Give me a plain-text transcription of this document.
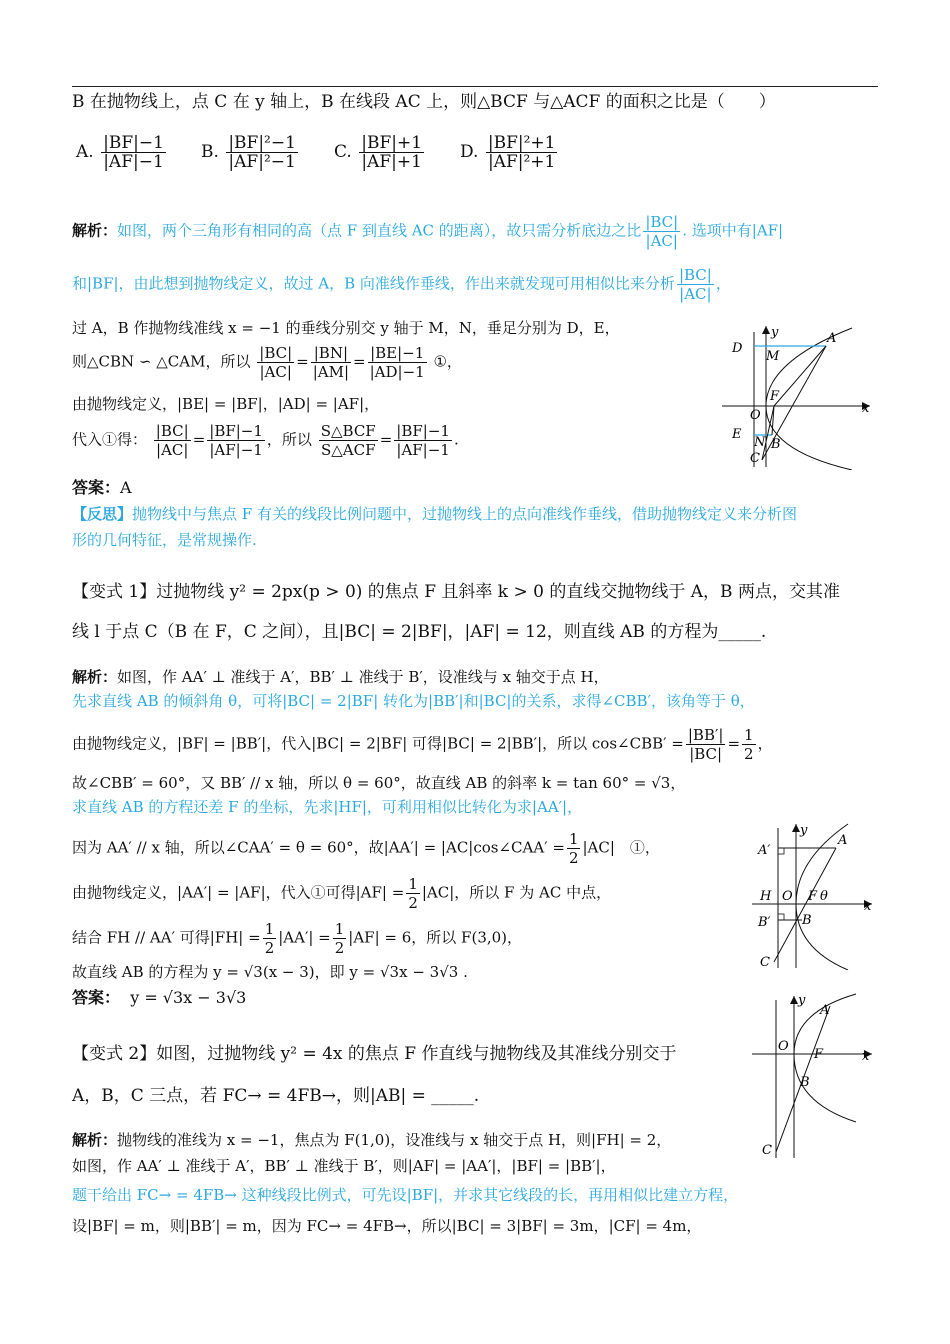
B 在抛物线上，点 C 在 y 轴上，B 在线段 AC 上，则△BCF 与△ACF 的面积之比是（　　）
A. $\frac{|BF|-1}{|AF|-1} B$. $\frac{\text{|BF|²−1}}{\text{|AF|²−1}} C$. $\frac{|BF|+1}{|AF|+1} D$. $\frac{\text{|BF|²+1}}{\text{|AF|²+1}}$
解析：如图，两个三角形有相同的高（点 F 到直线 AC 的距离），故只需分析底边之比 $\frac{|BC|}{|AC|}$ . 选项中有|AF|
和|BF|，由此想到抛物线定义，故过 A，B 向准线作垂线，作出来就发现可用相似比来分析 $\frac{|BC|}{|AC|}$ ，
过 A，B 作抛物线准线 x = −1 的垂线分别交 y 轴于 M，N，垂足分别为 D，E，
则△CBN ∽ △CAM，所以 $\frac{|BC|}{|AC|} = \frac{|BN|}{|AM|} = \frac{|BE|-1}{|AD|-1}$ ①，
由抛物线定义，|BE| = |BF|，|AD| = |AF|，
代入①得： $\frac{|BC|}{|AC|} = \frac{|BF|-1}{|AF|-1}$ ，所以 $\frac{\text{S△BCF}}{\text{S△ACF}} = \frac{|BF|-1}{|AF|-1}$ .
答案：A
【反思】抛物线中与焦点 F 有关的线段比例问题中，过抛物线上的点向准线作垂线，借助抛物线定义来分析图
形的几何特征，是常规操作.
A
D
M
F
O
E
N B
C
x
y
【变式 1】过抛物线 y² = 2px(p > 0) 的焦点 F 且斜率 k > 0 的直线交抛物线于 A，B 两点，交其准
线 l 于点 C（B 在 F，C 之间），且|BC| = 2|BF|，|AF| = 12，则直线 AB 的方程为_____.
解析：如图，作 AA′ ⊥ 准线于 A′，BB′ ⊥ 准线于 B′，设准线与 x 轴交于点 H，
先求直线 AB 的倾斜角 θ，可将|BC| = 2|BF| 转化为|BB′|和|BC|的关系，求得∠CBB′，该角等于 θ，
由抛物线定义，|BF| = |BB′|，代入|BC| = 2|BF| 可得|BC| = 2|BB′|，所以 cos∠CBB′ = $\frac{|BB'|}{|BC|} = \frac{1}{2}$ ，
故∠CBB′ = 60°，又 BB′ // x 轴，所以 θ = 60°，故直线 AB 的斜率 k = tan 60° = √3，
求直线 AB 的方程还差 F 的坐标，先求|HF|，可利用相似比转化为求|AA′|，
因为 AA′ // x 轴，所以∠CAA′ = θ = 60°，故|AA′| = |AC|cos∠CAA′ = $\frac{1}{2} |AC|$　①，
由抛物线定义，|AA′| = |AF|，代入①可得$|AF| = \frac{1}{2} |AC|$，所以 F 为 AC 中点，
结合 FH // AA′ 可得$|FH| = \frac{1}{2} |AA'| = \frac{1}{2} |AF| = 6$，所以 F(3,0)，
故直线 AB 的方程为 y = √3(x − 3)，即 y = √3x − 3√3 .
答案： y = √3x − 3√3
A
A′
H O F θ
B′ B
C
x
y
【变式 2】如图，过抛物线 y² = 4x 的焦点 F 作直线与抛物线及其准线分别交于
A，B，C 三点，若 FC→ = 4FB→，则|AB| = _____.
解析：抛物线的准线为 x = −1，焦点为 F(1,0)，设准线与 x 轴交于点 H，则|FH| = 2，
如图，作 AA′ ⊥ 准线于 A′，BB′ ⊥ 准线于 B′，则|AF| = |AA′|，|BF| = |BB′|，
题干给出 FC→ = 4FB→ 这种线段比例式，可先设|BF|，并求其它线段的长，再用相似比建立方程，
设|BF| = m，则|BB′| = m，因为 FC→ = 4FB→，所以|BC| = 3|BF| = 3m，|CF| = 4m，
A
O
F
B
C
x
y
